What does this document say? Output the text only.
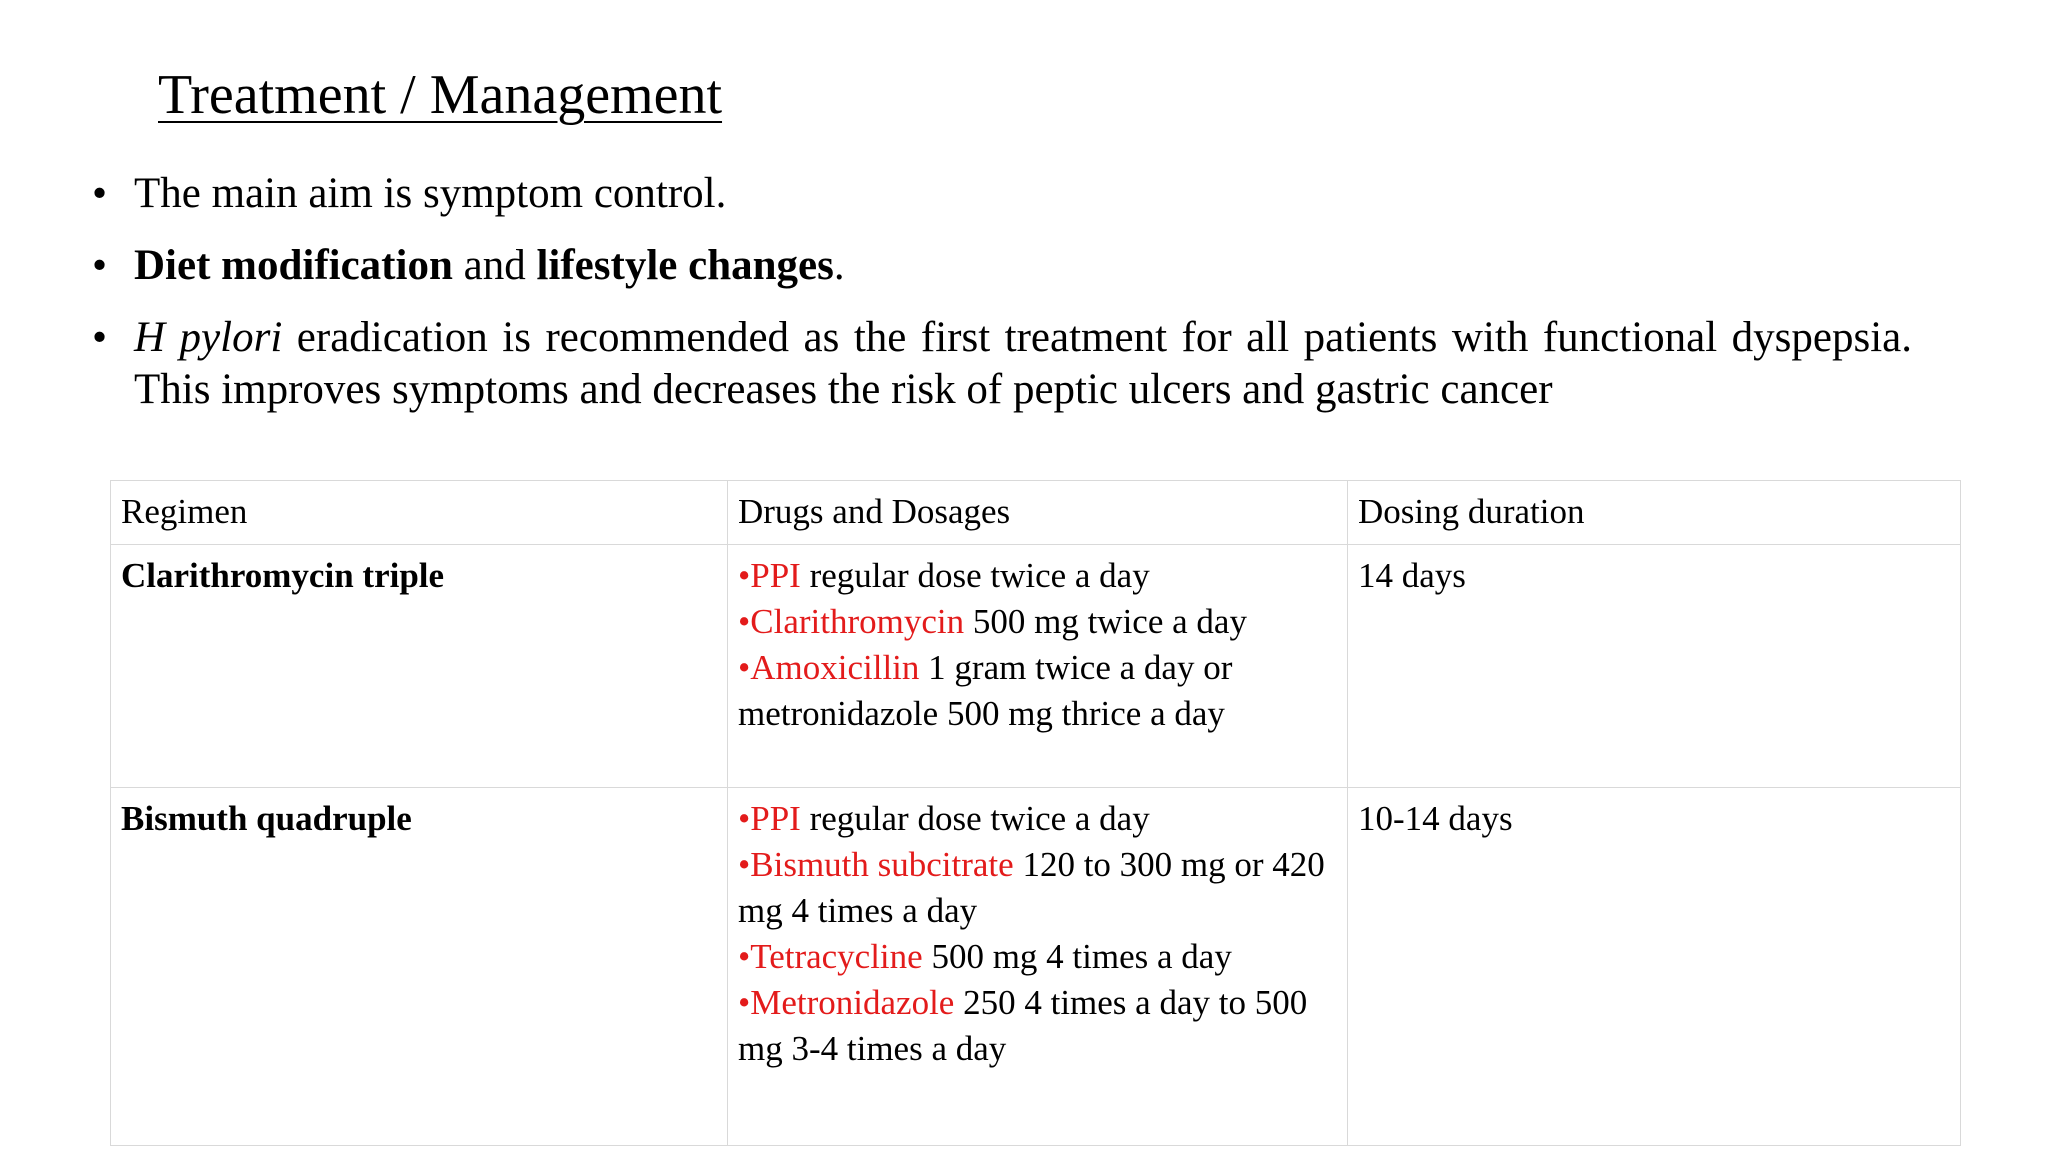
Treatment / Management
• The main aim is symptom control.
• Diet modification and lifestyle changes.
• H pylori eradication is recommended as the first treatment for all patients with functional dyspepsia. This improves symptoms and decreases the risk of peptic ulcers and gastric cancer
Regimen	Drugs and Dosages	Dosing duration
Clarithromycin triple	•PPI regular dose twice a day
•Clarithromycin 500 mg twice a day
•Amoxicillin 1 gram twice a day or metronidazole 500 mg thrice a day	14 days
Bismuth quadruple	•PPI regular dose twice a day
•Bismuth subcitrate 120 to 300 mg or 420 mg 4 times a day
•Tetracycline 500 mg 4 times a day
•Metronidazole 250 4 times a day to 500 mg 3-4 times a day	10-14 days
